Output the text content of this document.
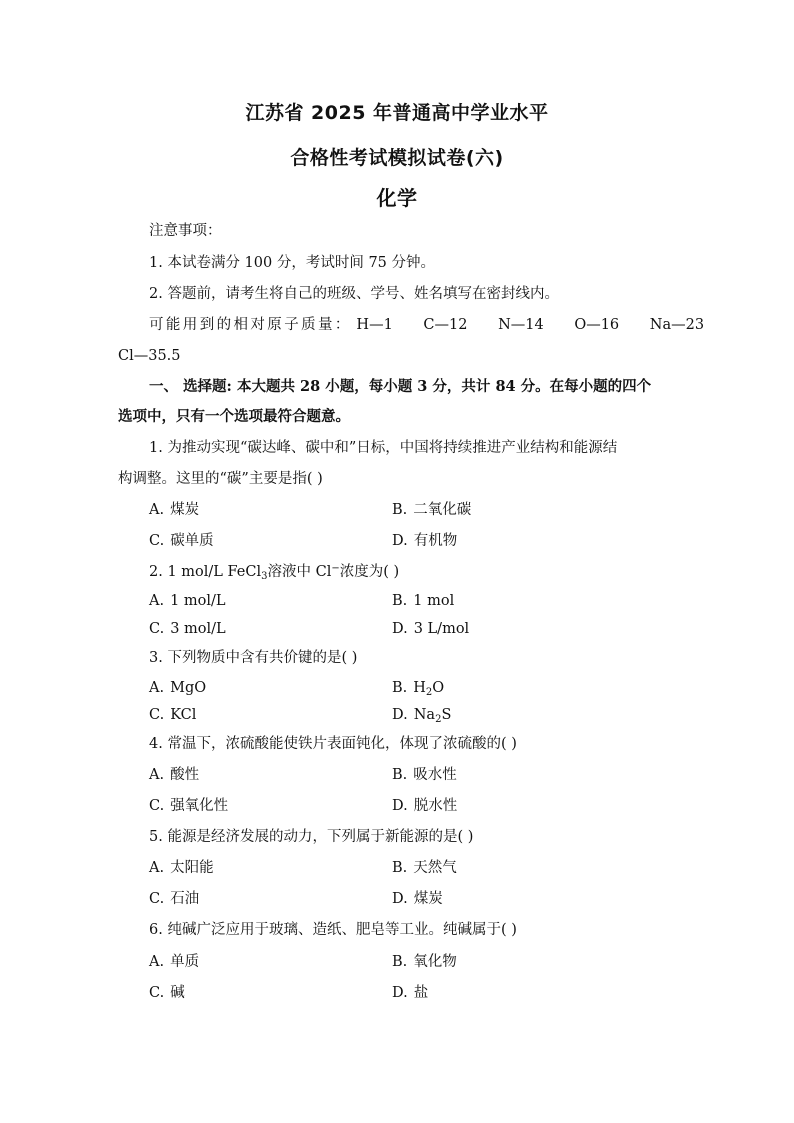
江苏省 2025 年普通高中学业水平
合格性考试模拟试卷(六)
化学
注意事项：
1. 本试卷满分 100 分，考试时间 75 分钟。
2. 答题前，请考生将自己的班级、学号、姓名填写在密封线内。
可能用到的相对原子质量： H—1 C—12 N—14 O—16 Na—23
Cl—35.5
一、 选择题: 本大题共 28 小题，每小题 3 分，共计 84 分。在每小题的四个
选项中，只有一个选项最符合题意。
1. 为推动实现“碳达峰、碳中和”日标，中国将持续推进产业结构和能源结
构调整。这里的“碳”主要是指( )
A. 煤炭	B. 二氧化碳
C. 碳单质	D. 有机物
2. 1 mol/L FeCl$_3$溶液中 Cl−浓度为( )
A. 1 mol/L	B. 1 mol
C. 3 mol/L	D. 3 L/mol
3. 下列物质中含有共价键的是( )
A. MgO	B. $H_2O$
C. KCl	D. $Na_2S$
4. 常温下，浓硫酸能使铁片表面钝化，体现了浓硫酸的( )
A. 酸性	B. 吸水性
C. 强氧化性	D. 脱水性
5. 能源是经济发展的动力，下列属于新能源的是( )
A. 太阳能	B. 天然气
C. 石油	D. 煤炭
6. 纯碱广泛应用于玻璃、造纸、肥皂等工业。纯碱属于( )
A. 单质	B. 氧化物
C. 碱	D. 盐
